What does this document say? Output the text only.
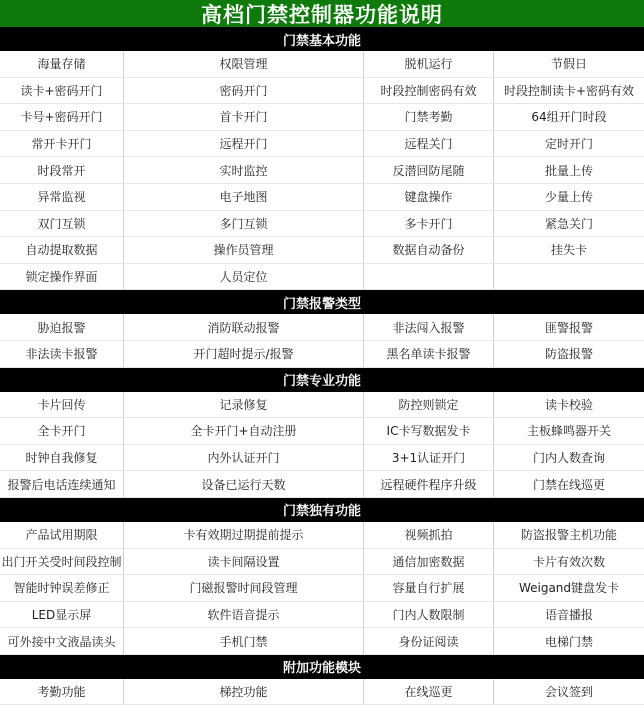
高档门禁控制器功能说明
门禁基本功能
海量存储	权限管理	脱机运行	节假日
读卡+密码开门	密码开门	时段控制密码有效	时段控制读卡+密码有效
卡号+密码开门	首卡开门	门禁考勤	64组开门时段
常开卡开门	远程开门	远程关门	定时开门
时段常开	实时监控	反潜回防尾随	批量上传
异常监视	电子地图	键盘操作	少量上传
双门互锁	多门互锁	多卡开门	紧急关门
自动提取数据	操作员管理	数据自动备份	挂失卡
锁定操作界面	人员定位
门禁报警类型
胁迫报警	消防联动报警	非法闯入报警	匪警报警
非法读卡报警	开门超时提示/报警	黑名单读卡报警	防盗报警
门禁专业功能
卡片回传	记录修复	防控则锁定	读卡校验
全卡开门	全卡开门+自动注册	IC卡写数据发卡	主板蜂鸣器开关
时钟自我修复	内外认证开门	3+1认证开门	门内人数查询
报警后电话连续通知	设备已运行天数	远程硬件程序升级	门禁在线巡更
门禁独有功能
产品试用期限	卡有效期过期提前提示	视频抓拍	防盗报警主机功能
出门开关受时间段控制	读卡间隔设置	通信加密数据	卡片有效次数
智能时钟误差修正	门磁报警时间段管理	容量自行扩展	Weigand键盘发卡
LED显示屏	软件语音提示	门内人数限制	语音播报
可外接中文液晶读头	手机门禁	身份证阅读	电梯门禁
附加功能模块
考勤功能	梯控功能	在线巡更	会议签到
